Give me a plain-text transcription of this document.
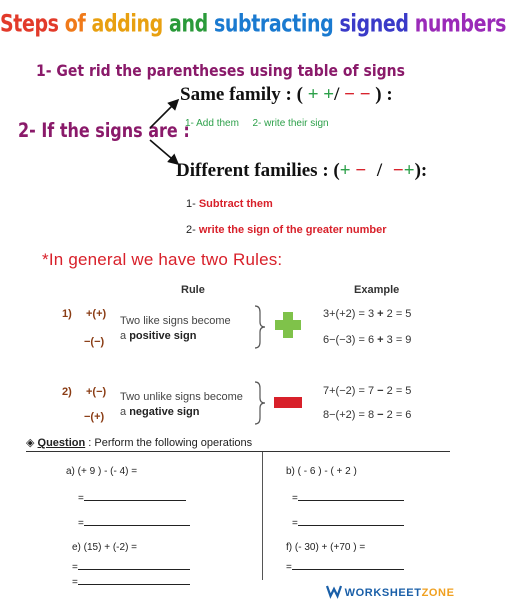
Steps of adding and subtracting signed numbers
1- Get rid the parentheses using table of signs
Same family : ( + +/ − − ) :
2- If the signs are :
1- Add them 2- write their sign
Different families : (+ − / −+):
1- Subtract them
2- write the sign of the greater number
*In general we have two Rules:
Rule	Example
1) +(+)
−(−)
Two like signs become
a positive sign
3+(+2) = 3 + 2 = 5
6−(−3) = 6 + 3 = 9
2) +(−)
−(+)
Two unlike signs become
a negative sign
7+(−2) = 7 − 2 = 5
8−(+2) = 8 − 2 = 6
◈ Question : Perform the following operations
a) (+ 9 ) - (- 4) =
=
=
b) ( - 6 ) - ( + 2 )
=
=
e) (15) + (-2) =
=
=
f) (- 30) + (+70 ) =
=
WORKSHEETZONE
